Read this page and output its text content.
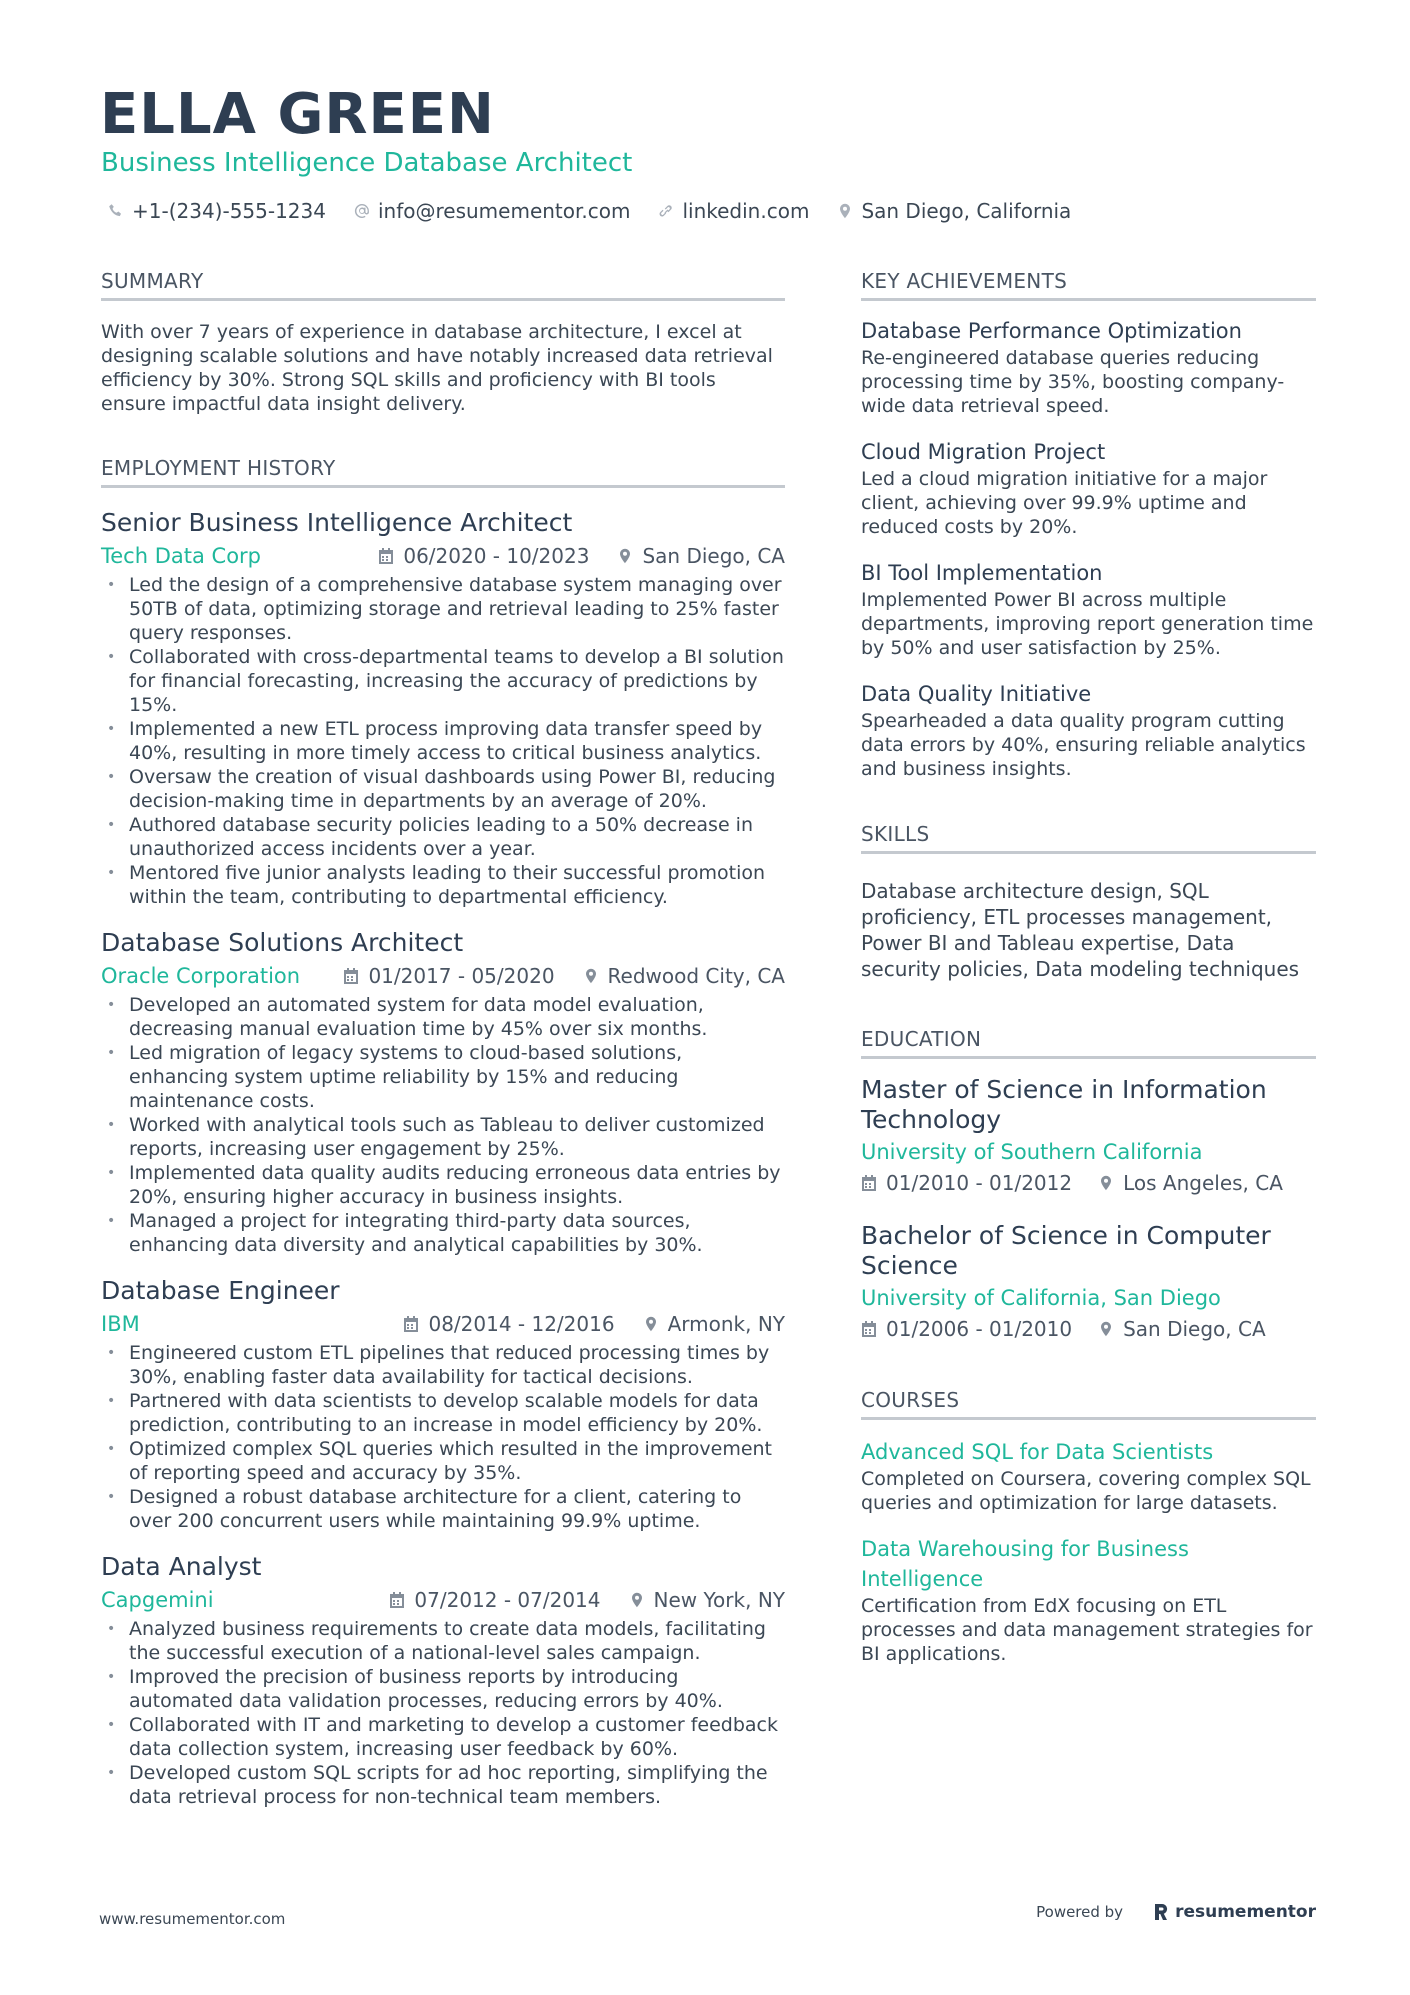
ELLA GREEN
Business Intelligence Database Architect
+1-(234)-555-1234	info@resumementor.com	linkedin.com	San Diego, California
SUMMARY
With over 7 years of experience in database architecture, I excel at designing scalable solutions and have notably increased data retrieval efficiency by 30%. Strong SQL skills and proficiency with BI tools ensure impactful data insight delivery.
EMPLOYMENT HISTORY
Senior Business Intelligence Architect
Tech Data Corp	06/2020 - 10/2023	San Diego, CA
• Led the design of a comprehensive database system managing over 50TB of data, optimizing storage and retrieval leading to 25% faster query responses.
• Collaborated with cross-departmental teams to develop a BI solution for financial forecasting, increasing the accuracy of predictions by 15%.
• Implemented a new ETL process improving data transfer speed by 40%, resulting in more timely access to critical business analytics.
• Oversaw the creation of visual dashboards using Power BI, reducing decision-making time in departments by an average of 20%.
• Authored database security policies leading to a 50% decrease in unauthorized access incidents over a year.
• Mentored five junior analysts leading to their successful promotion within the team, contributing to departmental efficiency.
Database Solutions Architect
Oracle Corporation	01/2017 - 05/2020	Redwood City, CA
• Developed an automated system for data model evaluation, decreasing manual evaluation time by 45% over six months.
• Led migration of legacy systems to cloud-based solutions, enhancing system uptime reliability by 15% and reducing maintenance costs.
• Worked with analytical tools such as Tableau to deliver customized reports, increasing user engagement by 25%.
• Implemented data quality audits reducing erroneous data entries by 20%, ensuring higher accuracy in business insights.
• Managed a project for integrating third-party data sources, enhancing data diversity and analytical capabilities by 30%.
Database Engineer
IBM	08/2014 - 12/2016	Armonk, NY
• Engineered custom ETL pipelines that reduced processing times by 30%, enabling faster data availability for tactical decisions.
• Partnered with data scientists to develop scalable models for data prediction, contributing to an increase in model efficiency by 20%.
• Optimized complex SQL queries which resulted in the improvement of reporting speed and accuracy by 35%.
• Designed a robust database architecture for a client, catering to over 200 concurrent users while maintaining 99.9% uptime.
Data Analyst
Capgemini	07/2012 - 07/2014	New York, NY
• Analyzed business requirements to create data models, facilitating the successful execution of a national-level sales campaign.
• Improved the precision of business reports by introducing automated data validation processes, reducing errors by 40%.
• Collaborated with IT and marketing to develop a customer feedback data collection system, increasing user feedback by 60%.
• Developed custom SQL scripts for ad hoc reporting, simplifying the data retrieval process for non-technical team members.
KEY ACHIEVEMENTS
Database Performance Optimization
Re-engineered database queries reducing processing time by 35%, boosting company-wide data retrieval speed.
Cloud Migration Project
Led a cloud migration initiative for a major client, achieving over 99.9% uptime and reduced costs by 20%.
BI Tool Implementation
Implemented Power BI across multiple departments, improving report generation time by 50% and user satisfaction by 25%.
Data Quality Initiative
Spearheaded a data quality program cutting data errors by 40%, ensuring reliable analytics and business insights.
SKILLS
Database architecture design, SQL proficiency, ETL processes management, Power BI and Tableau expertise, Data security policies, Data modeling techniques
EDUCATION
Master of Science in Information Technology
University of Southern California
01/2010 - 01/2012	Los Angeles, CA
Bachelor of Science in Computer Science
University of California, San Diego
01/2006 - 01/2010	San Diego, CA
COURSES
Advanced SQL for Data Scientists
Completed on Coursera, covering complex SQL queries and optimization for large datasets.
Data Warehousing for Business Intelligence
Certification from EdX focusing on ETL processes and data management strategies for BI applications.
www.resumementor.com	Powered by	resumementor
